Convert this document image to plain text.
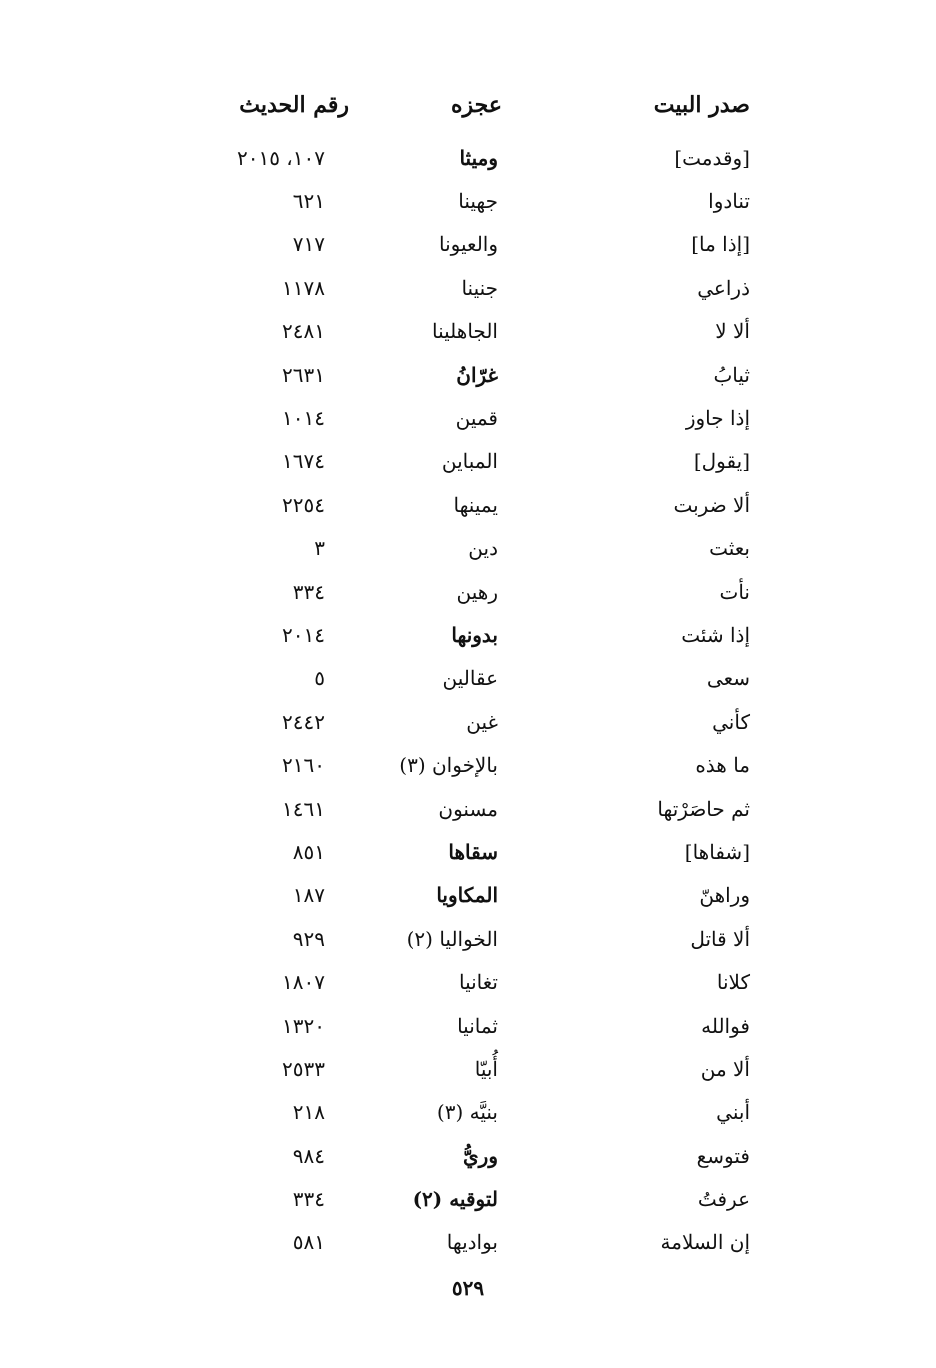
صدر البيت
عجزه
رقم الحديث
[وقدمت]
وميثا
١٠٧، ٢٠١٥
تنادوا
جهينا
٦٢١
[إذا ما]
والعيونا
٧١٧
ذراعي
جنينا
١١٧٨
ألا لا
الجاهلينا
٢٤٨١
ثيابُ
غرّانُ
٢٦٣١
إذا جاوز
قمين
١٠١٤
[يقول]
المباين
١٦٧٤
ألا ضربت
يمينها
٢٢٥٤
بعثت
دين
٣
نأت
رهين
٣٣٤
إذا شئت
بدونها
٢٠١٤
سعى
عقالين
٥
كأني
غين
٢٤٤٢
ما هذه
بالإخوان (٣)
٢١٦٠
ثم حاصَرْتها
مسنون
١٤٦١
[شفاها]
سقاها
٨٥١
وراهنّ
المكاويا
١٨٧
ألا قاتل
الخواليا (٢)
٩٢٩
كلانا
تغانيا
١٨٠٧
فوالله
ثمانيا
١٣٢٠
ألا من
أُبيّا
٢٥٣٣
أبني
بنيَّه (٣)
٢١٨
فتوسع
وريُّ
٩٨٤
عرفتُ
لتوقيه (٢)
٣٣٤
إن السلامة
بواديها
٥٨١
٥٢٩
